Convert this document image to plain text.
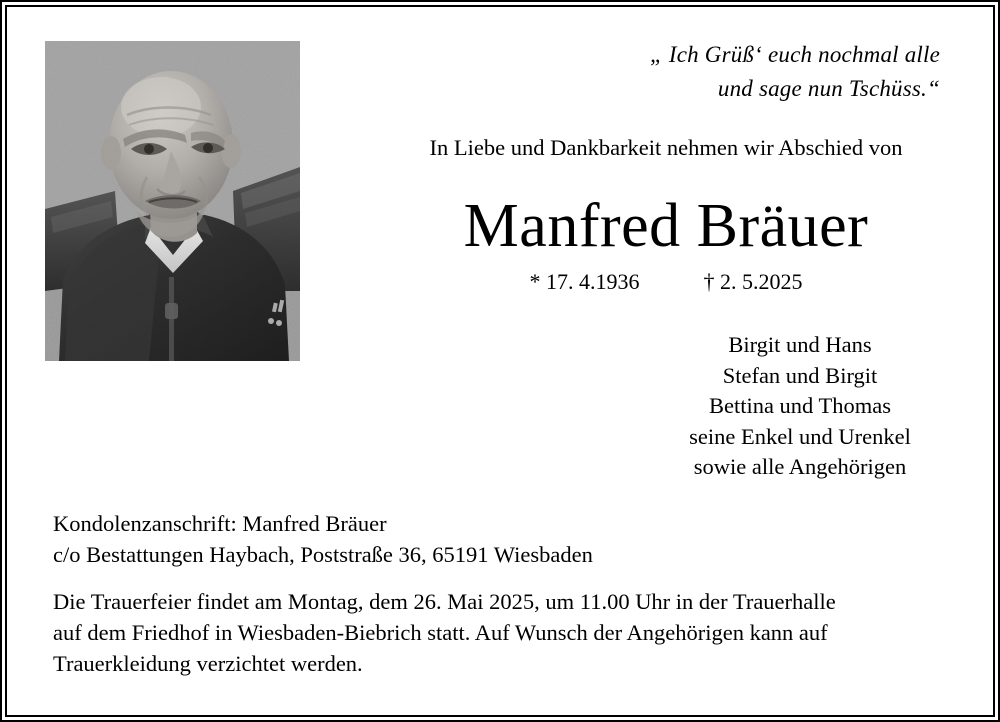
„ Ich Grüß‘ euch nochmal alle
und sage nun Tschüss.“
In Liebe und Dankbarkeit nehmen wir Abschied von
Manfred Bräuer
* 17. 4.1936	† 2. 5.2025
Birgit und Hans
Stefan und Birgit
Bettina und Thomas
seine Enkel und Urenkel
sowie alle Angehörigen
Kondolenzanschrift: Manfred Bräuer
c/o Bestattungen Haybach, Poststraße 36, 65191 Wiesbaden
Die Trauerfeier findet am Montag, dem 26. Mai 2025, um 11.00 Uhr in der Trauerhalle
auf dem Friedhof in Wiesbaden-Biebrich statt. Auf Wunsch der Angehörigen kann auf
Trauerkleidung verzichtet werden.
